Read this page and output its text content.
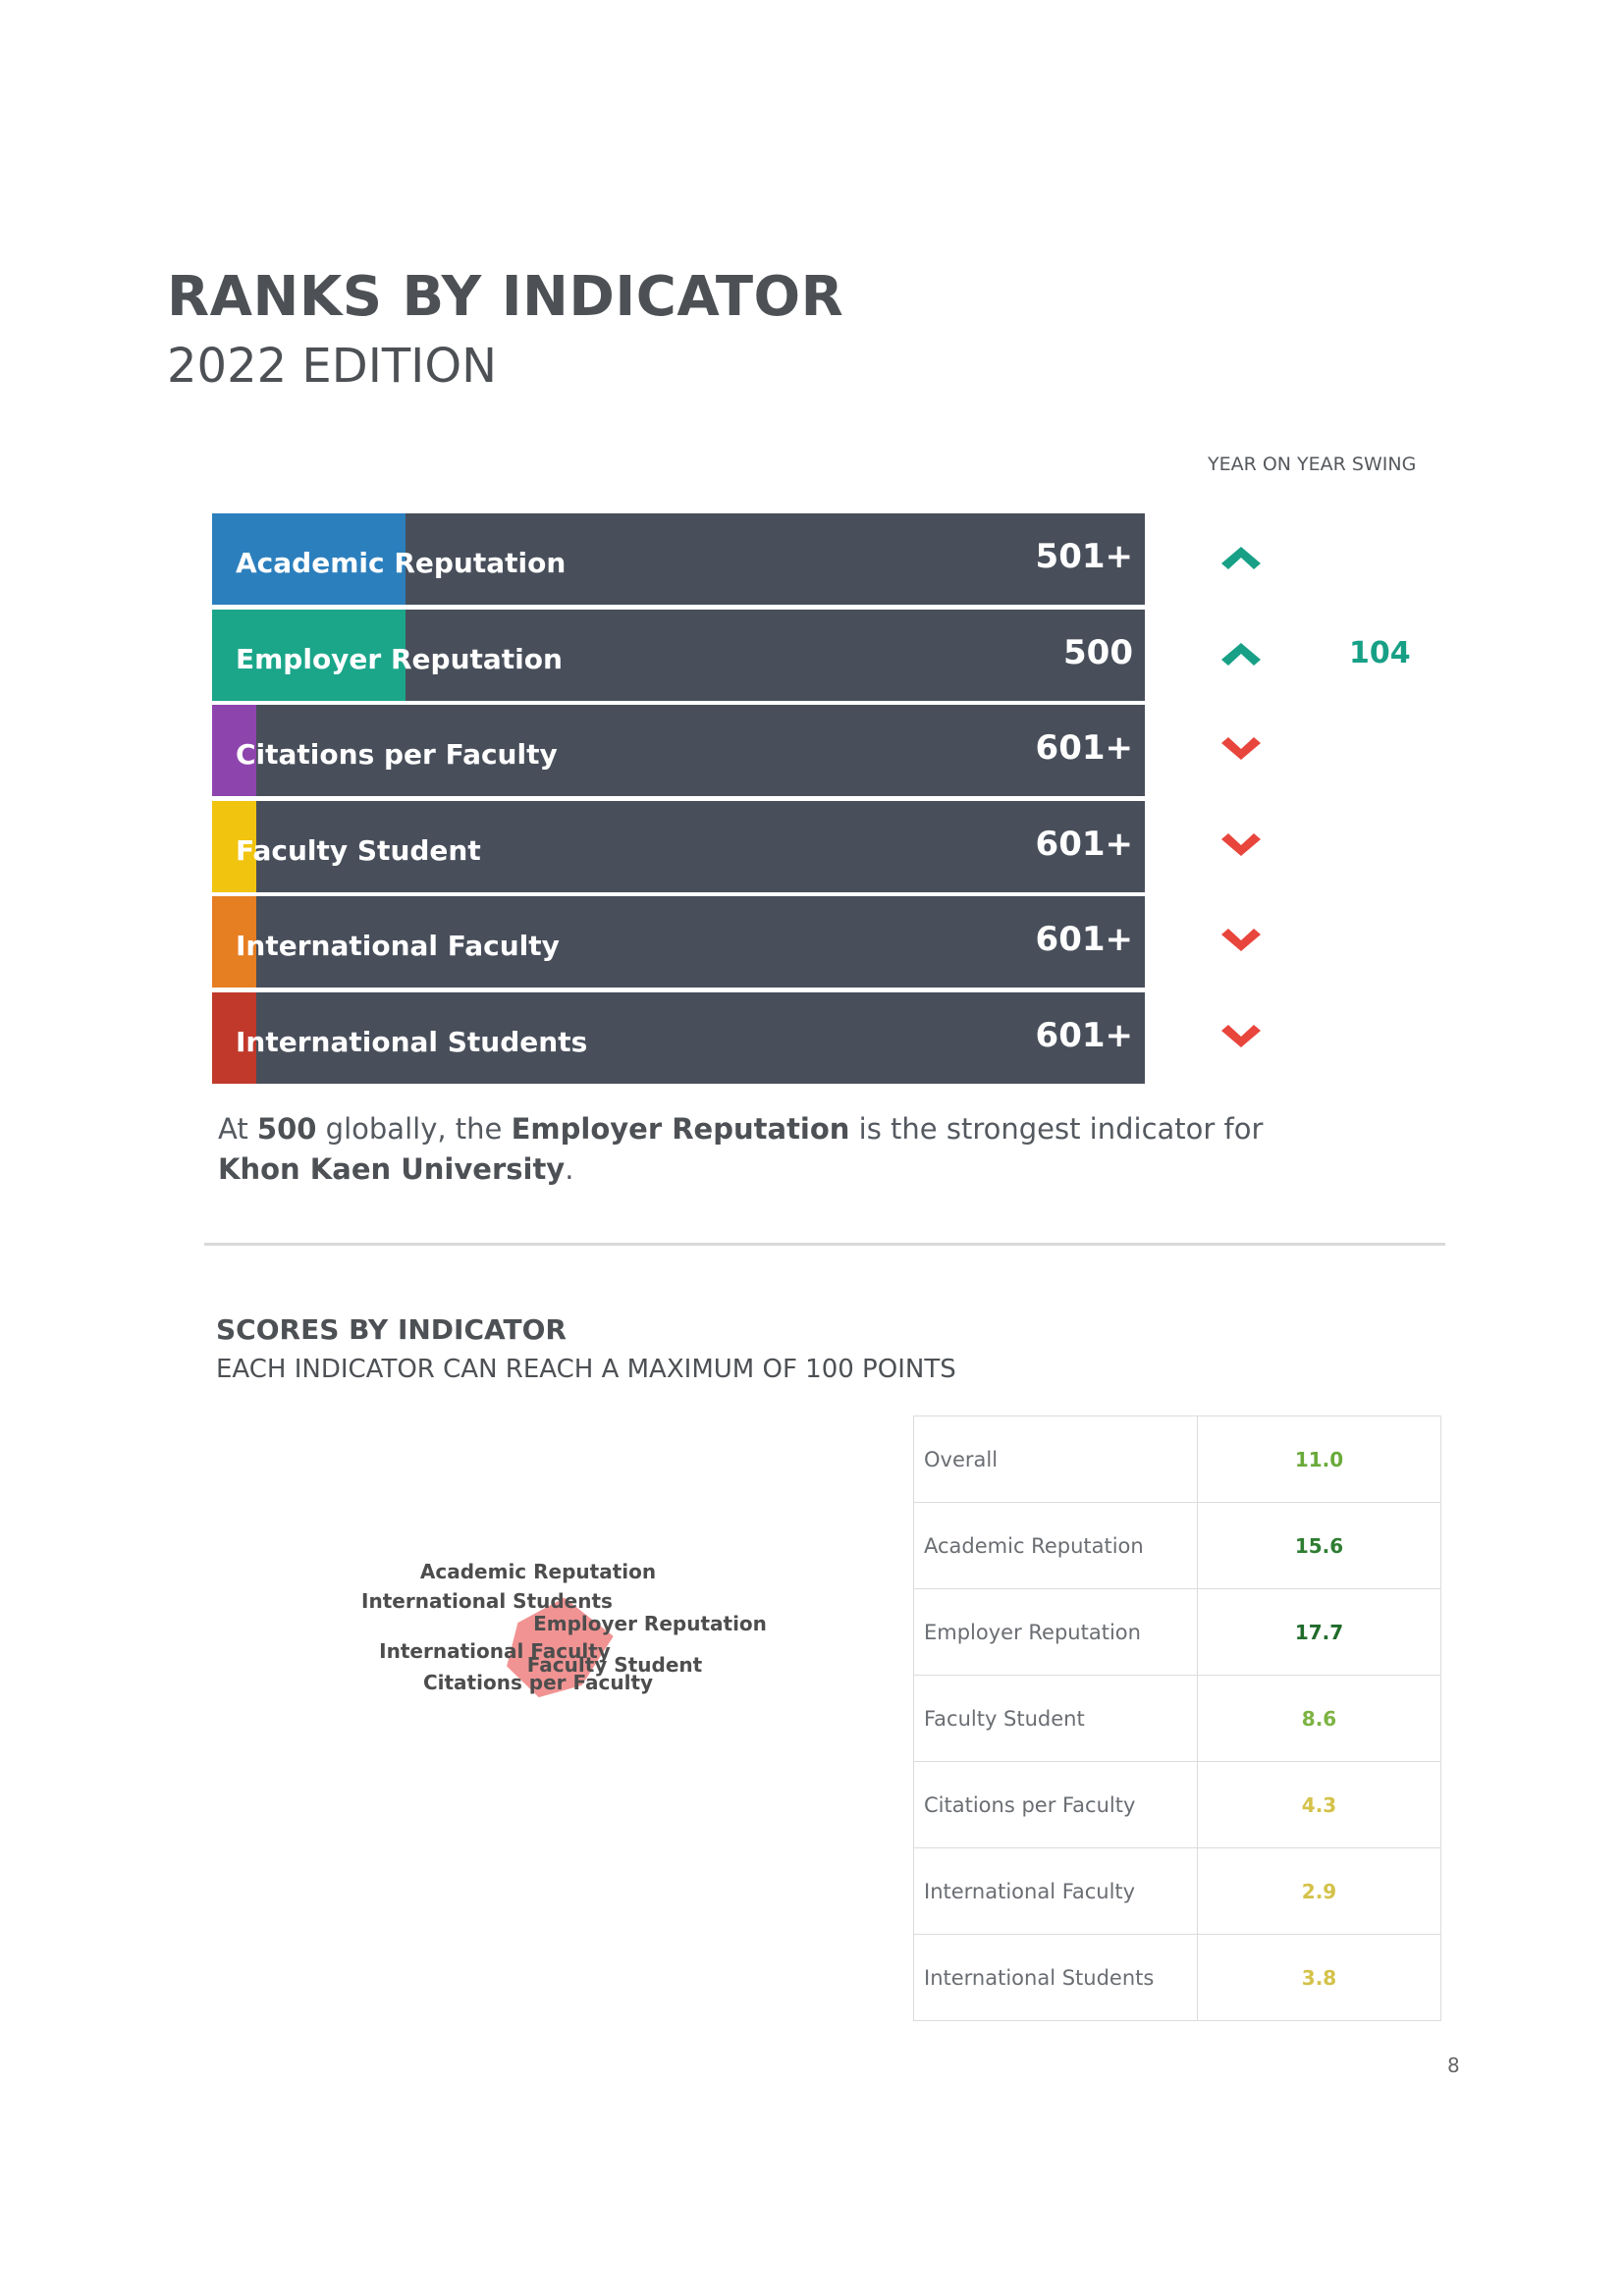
RANKS BY INDICATOR
2022 EDITION
YEAR ON YEAR SWING
Academic Reputation	501+
Employer Reputation	500	104
Citations per Faculty	601+
Faculty Student	601+
International Faculty	601+
International Students	601+
At 500 globally, the Employer Reputation is the strongest indicator for Khon Kaen University.
SCORES BY INDICATOR
EACH INDICATOR CAN REACH A MAXIMUM OF 100 POINTS
Academic Reputation
Employer Reputation
Faculty Student
Citations per Faculty
International Faculty
International Students
Overall	11.0
Academic Reputation	15.6
Employer Reputation	17.7
Faculty Student	8.6
Citations per Faculty	4.3
International Faculty	2.9
International Students	3.8
8
